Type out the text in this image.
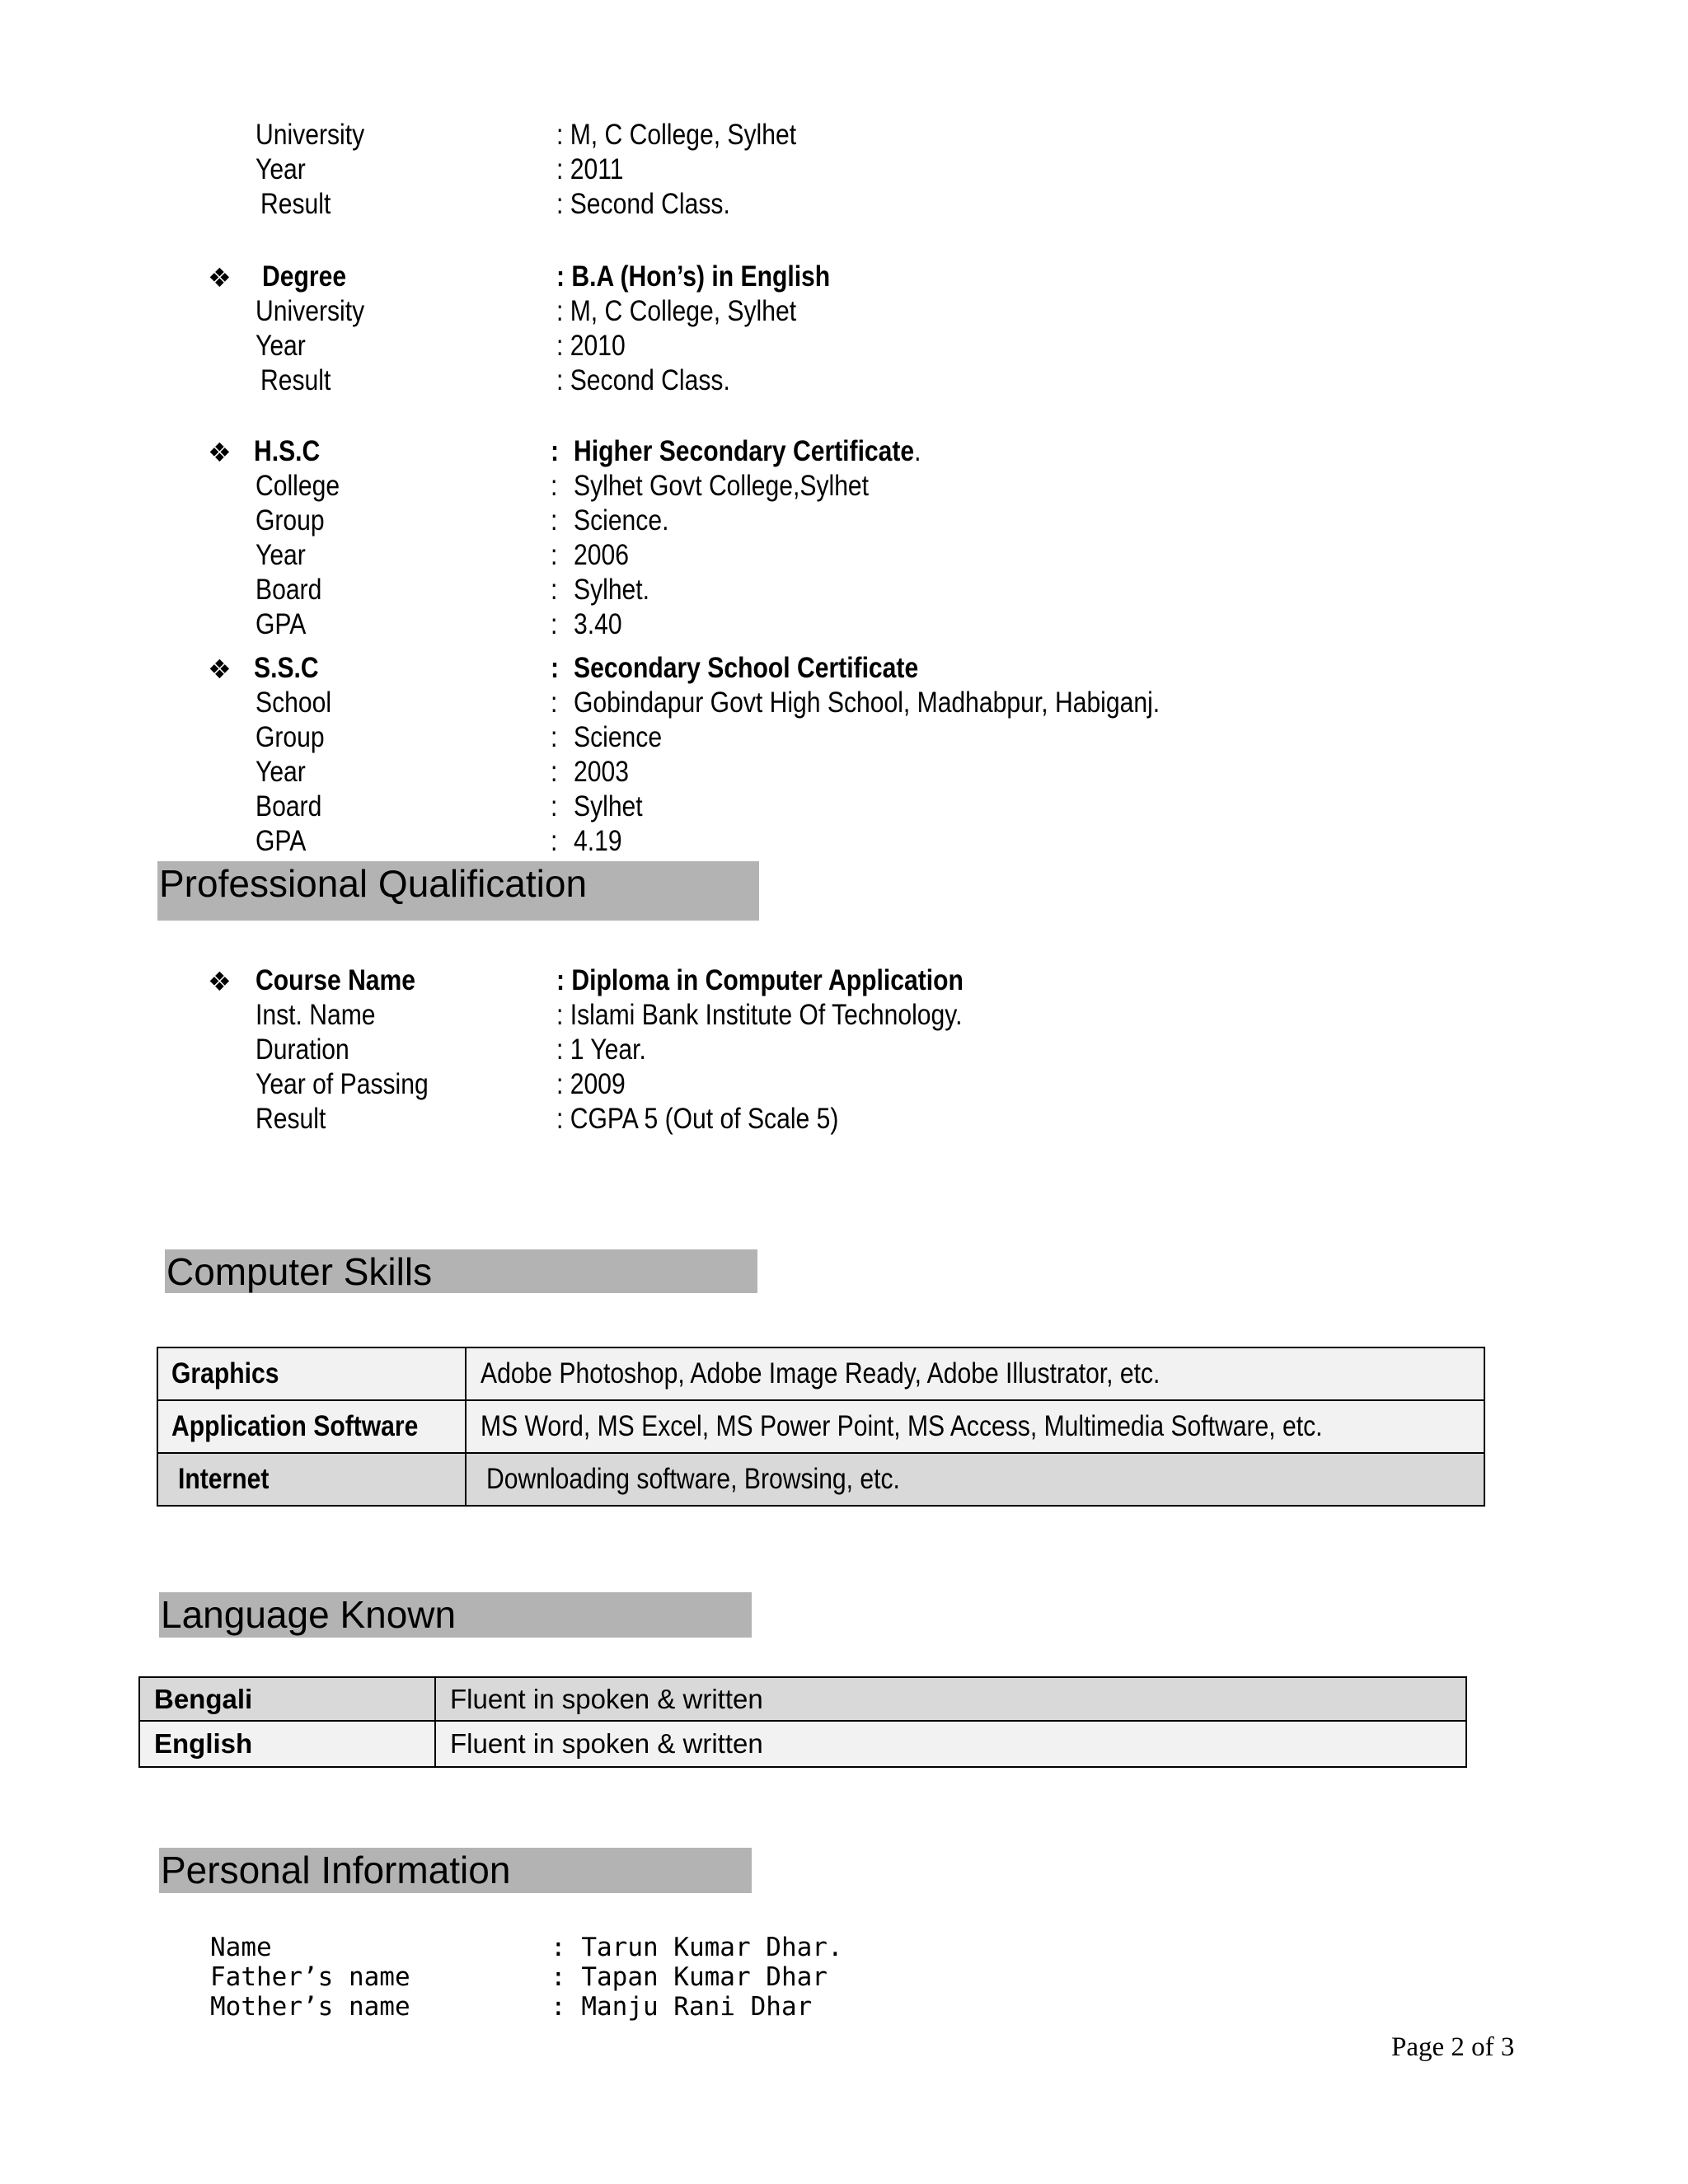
University	: M, C College, Sylhet
Year	: 2011
Result	: Second Class.
❖ Degree	: B.A (Hon’s) in English
University	: M, C College, Sylhet
Year	: 2010
Result	: Second Class.
❖ H.S.C	: Higher Secondary Certificate.
College	: Sylhet Govt College,Sylhet
Group	: Science.
Year	: 2006
Board	: Sylhet.
GPA	: 3.40
❖ S.S.C	: Secondary School Certificate
School	: Gobindapur Govt High School, Madhabpur, Habiganj.
Group	: Science
Year	: 2003
Board	: Sylhet
GPA	: 4.19
Professional Qualification
❖ Course Name	: Diploma in Computer Application
Inst. Name	: Islami Bank Institute Of Technology.
Duration	: 1 Year.
Year of Passing	: 2009
Result	: CGPA 5 (Out of Scale 5)
Computer Skills
Graphics	Adobe Photoshop, Adobe Image Ready, Adobe Illustrator, etc.
Application Software	MS Word, MS Excel, MS Power Point, MS Access, Multimedia Software, etc.
Internet	Downloading software, Browsing, etc.
Language Known
Bengali	Fluent in spoken & written
English	Fluent in spoken & written
Personal Information
Name	: Tarun Kumar Dhar.
Father’s name	: Tapan Kumar Dhar
Mother’s name	: Manju Rani Dhar
Page 2 of 3
